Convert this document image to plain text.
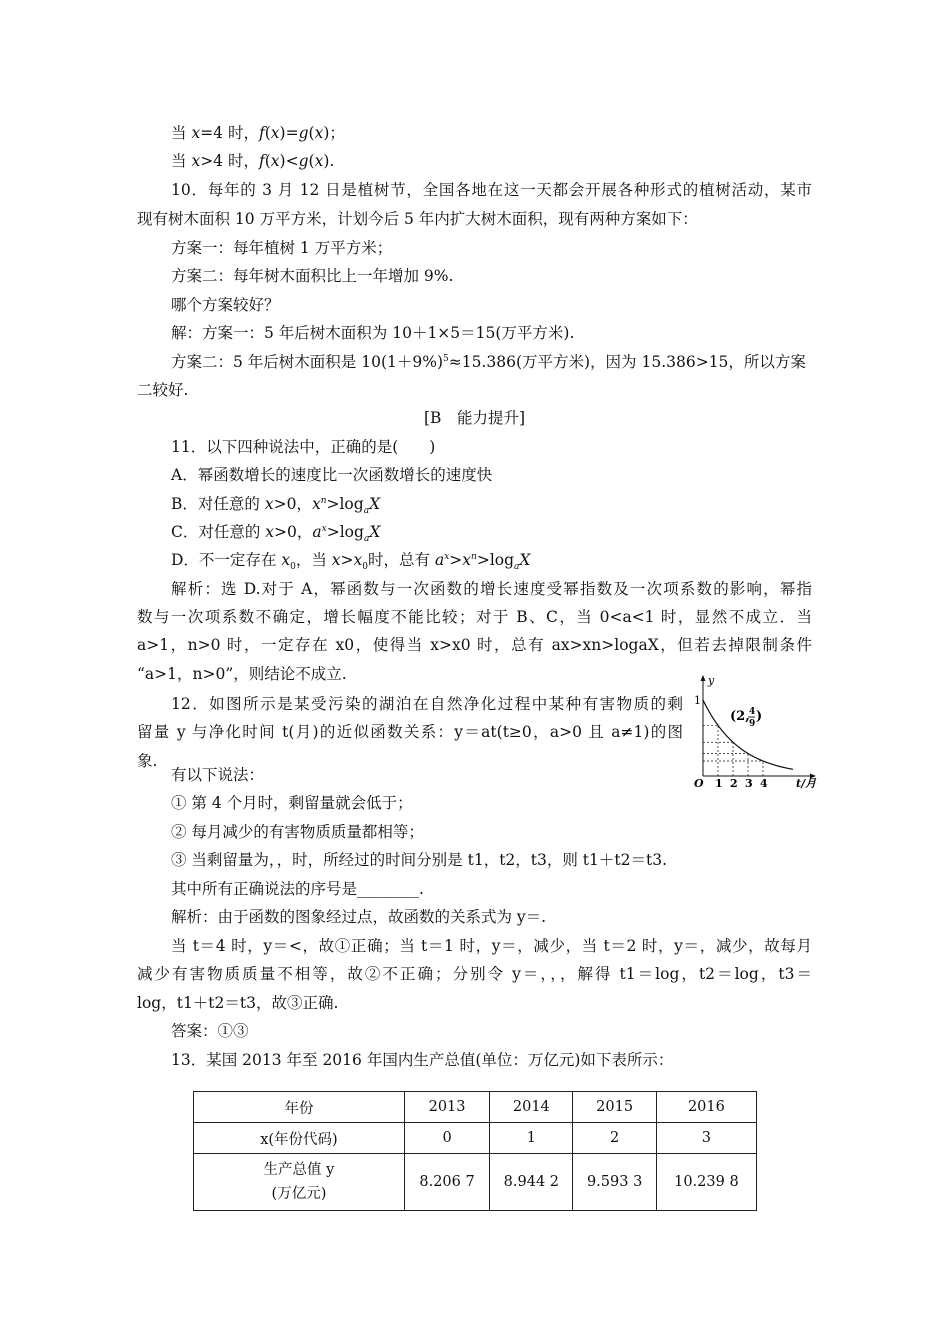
当 x=4 时，f(x)=g(x)；
当 x>4 时，f(x)<g(x).
10．每年的 3 月 12 日是植树节，全国各地在这一天都会开展各种形式的植树活动，某市
现有树木面积 10 万平方米，计划今后 5 年内扩大树木面积，现有两种方案如下：
方案一：每年植树 1 万平方米；
方案二：每年树木面积比上一年增加 9%.
哪个方案较好？
解：方案一：5 年后树木面积为 10＋1×5＝15(万平方米).
方案二：5 年后树木面积是 $10(1+9\%)^5\approx 15.386$(万平方米)，因为 15.386>15，所以方案
二较好.
[B　能力提升]
11．以下四种说法中，正确的是(　　)
A．幂函数增长的速度比一次函数增长的速度快
B．对任意的 x>0，$x^n>\log_aX$
C．对任意的 x>0，$a^x>\log_aX$
D．不一定存在 $x_0$，当 $x>x_0$时，总有 $a^x>x^n>\log_aX$
解析：选 D.对于 A，幂函数与一次函数的增长速度受幂指数及一次项系数的影响，幂指
数与一次项系数不确定，增长幅度不能比较；对于 B、C，当 0<a<1 时，显然不成立．当
a>1，n>0 时，一定存在 x0，使得当 x>x0 时，总有 ax>xn>logaX，但若去掉限制条件
“a>1，n>0”，则结论不成立.
12．如图所示是某受污染的湖泊在自然净化过程中某种有害物质的剩
留量 y 与净化时间 t(月)的近似函数关系：y＝at(t≥0，a>0 且 a≠1)的图
象.
y
1
O 1 2 3 4	t/月
(2, 4
9 )
有以下说法：
① 第 4 个月时，剩留量就会低于；
② 每月减少的有害物质质量都相等；
③ 当剩留量为，，时，所经过的时间分别是 t1，t2，t3，则 t1＋t2＝t3.
其中所有正确说法的序号是________.
解析：由于函数的图象经过点，故函数的关系式为 y＝.
当 t＝4 时，y＝<，故①正确；当 t＝1 时，y＝，减少，当 t＝2 时，y＝，减少，故每月
减少有害物质质量不相等，故②不正确；分别令 y＝，，，解得 t1＝log，t2＝log，t3＝
log，t1＋t2＝t3，故③正确.
答案：①③
13．某国 2013 年至 2016 年国内生产总值(单位：万亿元)如下表所示：
年份	2013	2014	2015	2016
x(年份代码)	0	1	2	3

生产总值 y
(万亿元)	8.206 7	8.944 2	9.593 3	10.239 8
